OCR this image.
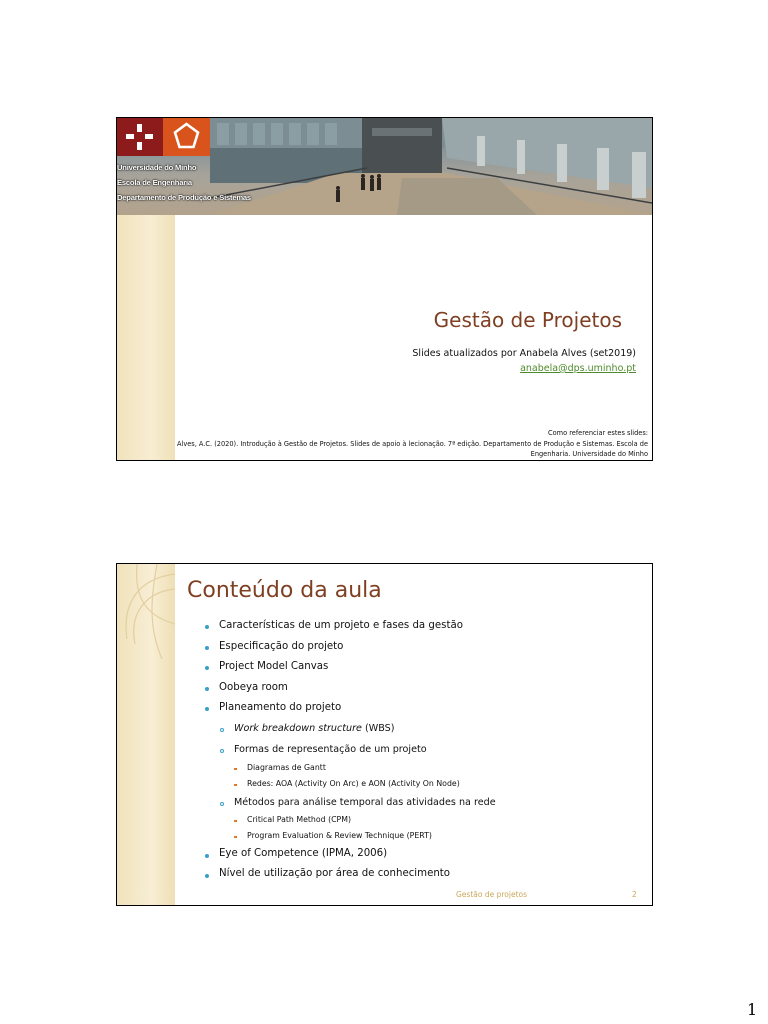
Universidade do Minho
Escola de Engenharia
Departamento de Produção e Sistemas
Gestão de Projetos
Slides atualizados por Anabela Alves (set2019)
anabela@dps.uminho.pt
Como referenciar estes slides:
Alves, A.C. (2020). Introdução à Gestão de Projetos. Slides de apoio à lecionação. 7ª edição. Departamento de Produção e Sistemas. Escola de
Engenharia. Universidade do Minho
Conteúdo da aula
Características de um projeto e fases da gestão
Especificação do projeto
Project Model Canvas
Oobeya room
Planeamento do projeto
Work breakdown structure (WBS)
Formas de representação de um projeto
Diagramas de Gantt
Redes: AOA (Activity On Arc) e AON (Activity On Node)
Métodos para análise temporal das atividades na rede
Critical Path Method (CPM)
Program Evaluation & Review Technique (PERT)
Eye of Competence (IPMA, 2006)
Nível de utilização por área de conhecimento
Gestão de projetos	2
1
